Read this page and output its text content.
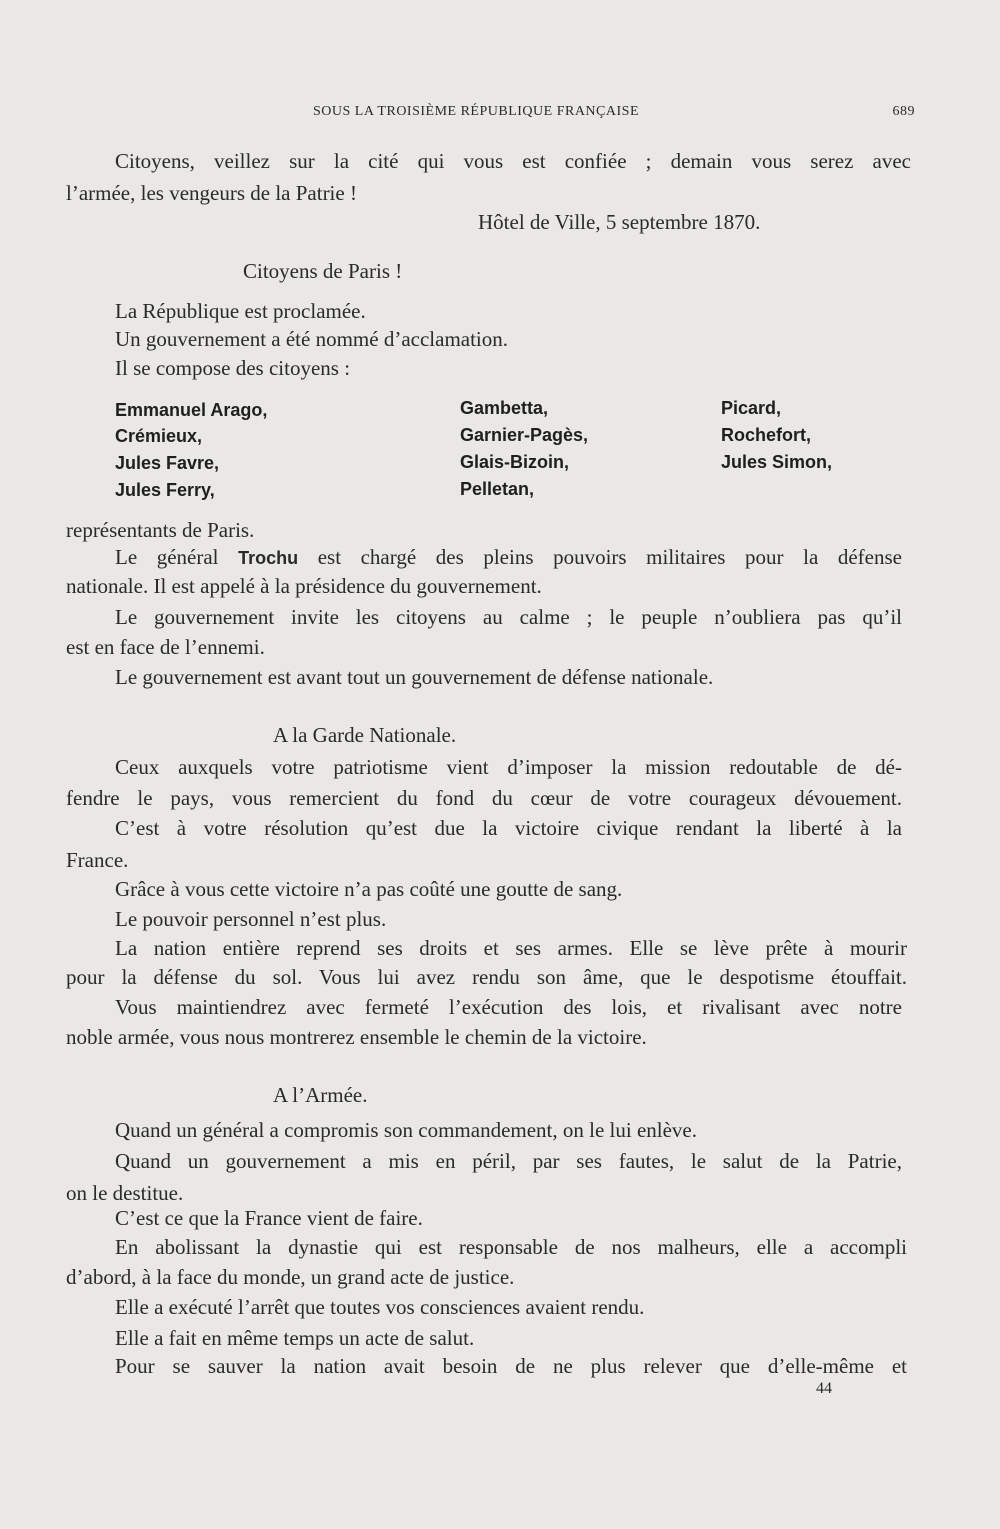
SOUS LA TROISIÈME RÉPUBLIQUE FRANÇAISE	689
Citoyens, veillez sur la cité qui vous est confiée ; demain vous serez avec
l’armée, les vengeurs de la Patrie !
Hôtel de Ville, 5 septembre 1870.
Citoyens de Paris !
La République est proclamée.
Un gouvernement a été nommé d’acclamation.
Il se compose des citoyens :
Emmanuel Arago,
Crémieux,
Jules Favre,
Jules Ferry,
Gambetta,
Garnier-Pagès,
Glais-Bizoin,
Pelletan,
Picard,
Rochefort,
Jules Simon,
représentants de Paris.
Le général Trochu est chargé des pleins pouvoirs militaires pour la défense
nationale. Il est appelé à la présidence du gouvernement.
Le gouvernement invite les citoyens au calme ; le peuple n’oubliera pas qu’il
est en face de l’ennemi.
Le gouvernement est avant tout un gouvernement de défense nationale.
A la Garde Nationale.
Ceux auxquels votre patriotisme vient d’imposer la mission redoutable de dé-
fendre le pays, vous remercient du fond du cœur de votre courageux dévouement.
C’est à votre résolution qu’est due la victoire civique rendant la liberté à la
France.
Grâce à vous cette victoire n’a pas coûté une goutte de sang.
Le pouvoir personnel n’est plus.
La nation entière reprend ses droits et ses armes. Elle se lève prête à mourir
pour la défense du sol. Vous lui avez rendu son âme, que le despotisme étouffait.
Vous maintiendrez avec fermeté l’exécution des lois, et rivalisant avec notre
noble armée, vous nous montrerez ensemble le chemin de la victoire.
A l’Armée.
Quand un général a compromis son commandement, on le lui enlève.
Quand un gouvernement a mis en péril, par ses fautes, le salut de la Patrie,
on le destitue.
C’est ce que la France vient de faire.
En abolissant la dynastie qui est responsable de nos malheurs, elle a accompli
d’abord, à la face du monde, un grand acte de justice.
Elle a exécuté l’arrêt que toutes vos consciences avaient rendu.
Elle a fait en même temps un acte de salut.
Pour se sauver la nation avait besoin de ne plus relever que d’elle-même et
44
